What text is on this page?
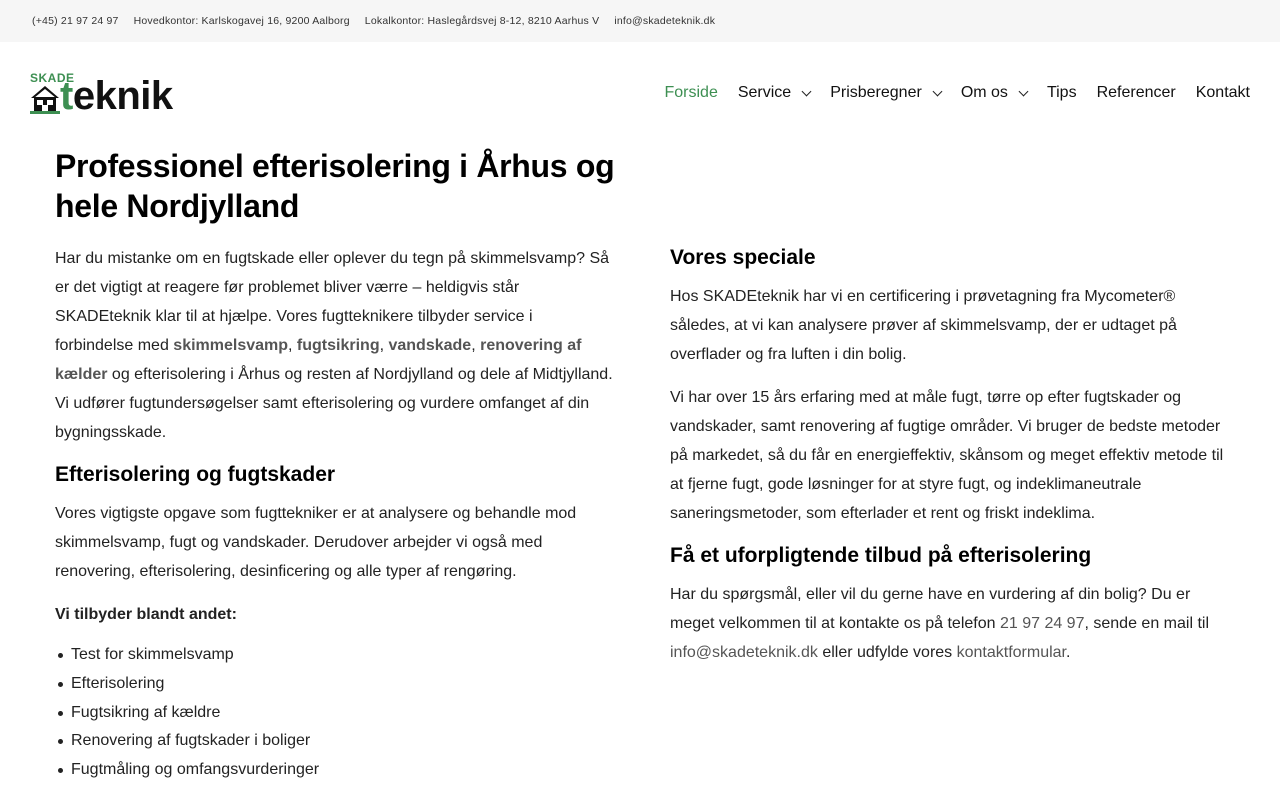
(+45) 21 97 24 97 Hovedkontor: Karlskogavej 16, 9200 Aalborg Lokalkontor: Haslegårdsvej 8-12, 8210 Aarhus V info@skadeteknik.dk
SKADE
teknik	Forside Service Prisberegner Om os Tips Referencer Kontakt
Professionel efterisolering i Århus og hele Nordjylland

Har du mistanke om en fugtskade eller oplever du tegn på skimmelsvamp? Så er det vigtigt at reagere før problemet bliver værre – heldigvis står SKADEteknik klar til at hjælpe. Vores fugtteknikere tilbyder service i forbindelse med skimmelsvamp, fugtsikring, vandskade, renovering af kælder og efterisolering i Århus og resten af Nordjylland og dele af Midtjylland. Vi udfører fugtundersøgelser samt efterisolering og vurdere omfanget af din bygningsskade.

Efterisolering og fugtskader

Vores vigtigste opgave som fugttekniker er at analysere og behandle mod skimmelsvamp, fugt og vandskader. Derudover arbejder vi også med renovering, efterisolering, desinficering og alle typer af rengøring.

Vi tilbyder blandt andet:

Test for skimmelsvamp
Efterisolering
Fugtsikring af kældre
Renovering af fugtskader i boliger
Fugtmåling og omfangsvurderinger
Vores speciale

Hos SKADEteknik har vi en certificering i prøvetagning fra Mycometer® således, at vi kan analysere prøver af skimmelsvamp, der er udtaget på overflader og fra luften i din bolig.

Vi har over 15 års erfaring med at måle fugt, tørre op efter fugtskader og vandskader, samt renovering af fugtige områder. Vi bruger de bedste metoder på markedet, så du får en energieffektiv, skånsom og meget effektiv metode til at fjerne fugt, gode løsninger for at styre fugt, og indeklimaneutrale saneringsmetoder, som efterlader et rent og friskt indeklima.

Få et uforpligtende tilbud på efterisolering

Har du spørgsmål, eller vil du gerne have en vurdering af din bolig? Du er meget velkommen til at kontakte os på telefon 21 97 24 97, sende en mail til info@skadeteknik.dk eller udfylde vores kontaktformular.
